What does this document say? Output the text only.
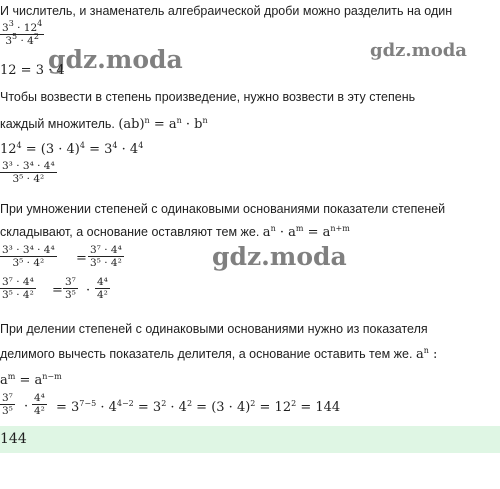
gdz.moda	gdz.moda
gdz.moda
И числитель, и знаменатель алгебраической дроби можно разделить на один
$\frac{3^3 \cdot 12^4}{3^5 \cdot 4^2}$
12 = 3 · 4
Чтобы возвести в степень произведение, нужно возвести в эту степень
каждый множитель. $(ab)^n = a^n \cdot b^n$
$12^4 = (3 \cdot 4)^4 = 3^4 \cdot 4^4$
$\frac{\text{3³ · 3⁴ · 4⁴}}{\text{3⁵ · 4²}}$
При умножении степеней с одинаковыми основаниями показатели степеней
складывают, а основание оставляют тем же. $a^n \cdot a^m = a^{n+m}$
$\frac{\text{3³ · 3⁴ · 4⁴}}{\text{3⁵ · 4²}} = \frac{\text{3⁷ · 4⁴}}{\text{3⁵ · 4²}}$
$\frac{\text{3⁷ · 4⁴}}{\text{3⁵ · 4²}} = \frac{\text{3⁷}}{\text{3⁵}} \cdot \frac{\text{4⁴}}{\text{4²}}$
При делении степеней с одинаковыми основаниями нужно из показателя
делимого вычесть показатель делителя, а основание оставить тем же. $a^n$ :
$a^m = a^{n-m}$
$\frac{\text{3⁷}}{\text{3⁵}} \cdot \frac{\text{4⁴}}{\text{4²}} = 3^{7-5} \cdot 4^{4-2} = 3^2 \cdot 4^2 = (3 \cdot 4)^2 = 12^2 = 144$
144
